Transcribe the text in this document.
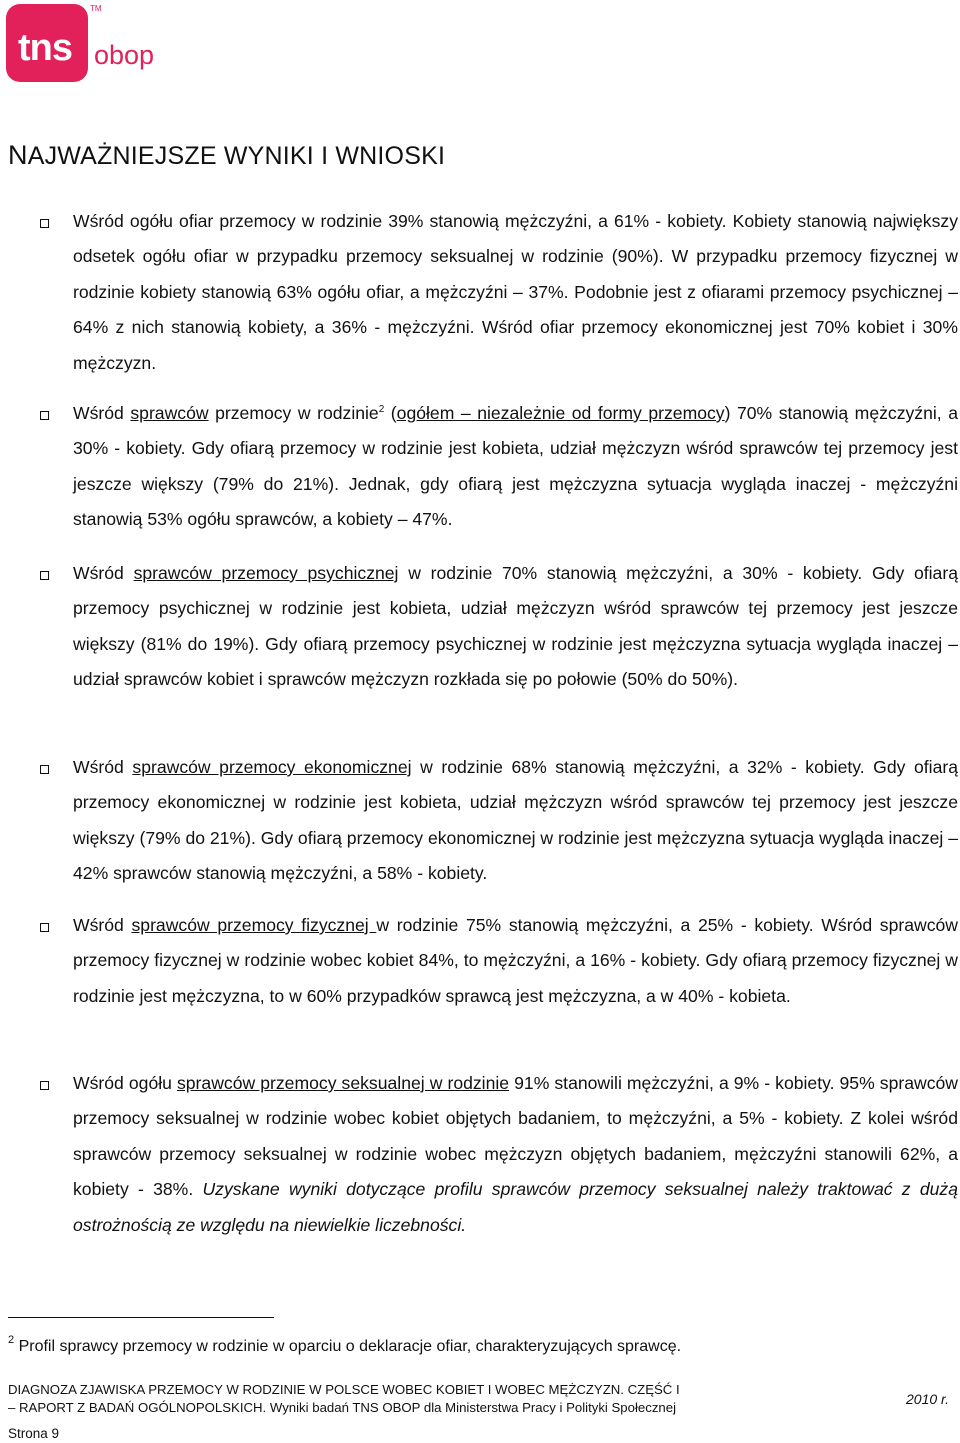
tns
TM
obop
NAJWAŻNIEJSZE WYNIKI I WNIOSKI

Wśród ogółu ofiar przemocy w rodzinie 39% stanowią mężczyźni, a 61% - kobiety. Kobiety stanowią największy odsetek ogółu ofiar w przypadku przemocy seksualnej w rodzinie (90%). W przypadku przemocy fizycznej w rodzinie kobiety stanowią 63% ogółu ofiar, a mężczyźni – 37%. Podobnie jest z ofiarami przemocy psychicznej – 64% z nich stanowią kobiety, a 36% - mężczyźni. Wśród ofiar przemocy ekonomicznej jest 70% kobiet i 30% mężczyzn.

Wśród sprawców przemocy w rodzinie$^2$ (ogółem – niezależnie od formy przemocy) 70% stanowią mężczyźni, a 30% - kobiety. Gdy ofiarą przemocy w rodzinie jest kobieta, udział mężczyzn wśród sprawców tej przemocy jest jeszcze większy (79% do 21%). Jednak, gdy ofiarą jest mężczyzna sytuacja wygląda inaczej - mężczyźni stanowią 53% ogółu sprawców, a kobiety – 47%.

Wśród sprawców przemocy psychicznej w rodzinie 70% stanowią mężczyźni, a 30% - kobiety. Gdy ofiarą przemocy psychicznej w rodzinie jest kobieta, udział mężczyzn wśród sprawców tej przemocy jest jeszcze większy (81% do 19%). Gdy ofiarą przemocy psychicznej w rodzinie jest mężczyzna sytuacja wygląda inaczej – udział sprawców kobiet i sprawców mężczyzn rozkłada się po połowie (50% do 50%).

Wśród sprawców przemocy ekonomicznej w rodzinie 68% stanowią mężczyźni, a 32% - kobiety. Gdy ofiarą przemocy ekonomicznej w rodzinie jest kobieta, udział mężczyzn wśród sprawców tej przemocy jest jeszcze większy (79% do 21%). Gdy ofiarą przemocy ekonomicznej w rodzinie jest mężczyzna sytuacja wygląda inaczej – 42% sprawców stanowią mężczyźni, a 58% - kobiety.

Wśród sprawców przemocy fizycznej w rodzinie 75% stanowią mężczyźni, a 25% - kobiety. Wśród sprawców przemocy fizycznej w rodzinie wobec kobiet 84%, to mężczyźni, a 16% - kobiety. Gdy ofiarą przemocy fizycznej w rodzinie jest mężczyzna, to w 60% przypadków sprawcą jest mężczyzna, a w 40% - kobieta.

Wśród ogółu sprawców przemocy seksualnej w rodzinie 91% stanowili mężczyźni, a 9% - kobiety. 95% sprawców przemocy seksualnej w rodzinie wobec kobiet objętych badaniem, to mężczyźni, a 5% - kobiety. Z kolei wśród sprawców przemocy seksualnej w rodzinie wobec mężczyzn objętych badaniem, mężczyźni stanowili 62%, a kobiety - 38%. Uzyskane wyniki dotyczące profilu sprawców przemocy seksualnej należy traktować z dużą ostrożnością ze względu na niewielkie liczebności.

$^2$ Profil sprawcy przemocy w rodzinie w oparciu o deklaracje ofiar, charakteryzujących sprawcę.
DIAGNOZA ZJAWISKA PRZEMOCY W RODZINIE W POLSCE WOBEC KOBIET I WOBEC MĘŻCZYZN. CZĘŚĆ I
– RAPORT Z BADAŃ OGÓLNOPOLSKICH. Wyniki badań TNS OBOP dla Ministerstwa Pracy i Polityki Społecznej
2010 r.
Strona 9
